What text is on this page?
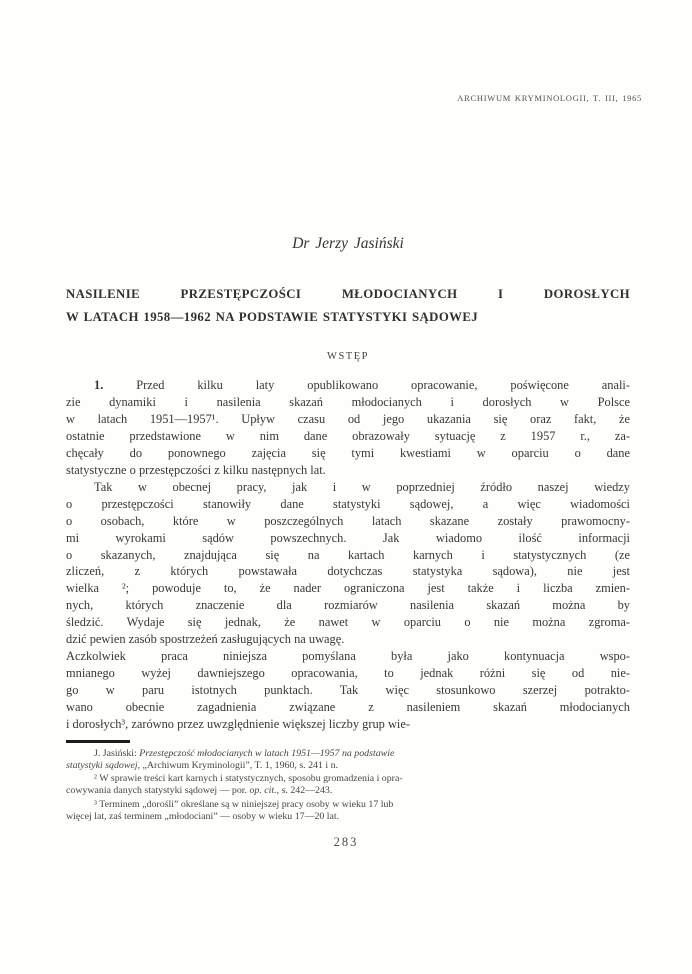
ARCHIWUM KRYMINOLOGII, T. III, 1965
Dr Jerzy Jasiński
NASILENIE PRZESTĘPCZOŚCI MŁODOCIANYCH I DOROSŁYCH
W LATACH 1958—1962 NA PODSTAWIE STATYSTYKI SĄDOWEJ
WSTĘP
1. Przed kilku laty opublikowano opracowanie, poświęcone anali-
zie dynamiki i nasilenia skazań młodocianych i dorosłych w Polsce
w latach 1951—1957¹. Upływ czasu od jego ukazania się oraz fakt, że
ostatnie przedstawione w nim dane obrazowały sytuację z 1957 r., za-
chęcały do ponownego zajęcia się tymi kwestiami w oparciu o dane
statystyczne o przestępczości z kilku następnych lat.
Tak w obecnej pracy, jak i w poprzedniej źródło naszej wiedzy
o przestępczości stanowiły dane statystyki sądowej, a więc wiadomości
o osobach, które w poszczególnych latach skazane zostały prawomocny-
mi wyrokami sądów powszechnych. Jak wiadomo ilość informacji
o skazanych, znajdująca się na kartach karnych i statystycznych (ze
zliczeń, z których powstawała dotychczas statystyka sądowa), nie jest
wielka ²; powoduje to, że nader ograniczona jest także i liczba zmien-
nych, których znaczenie dla rozmiarów nasilenia skazań można by
śledzić. Wydaje się jednak, że nawet w oparciu o nie można zgroma-
dzić pewien zasób spostrzeżeń zasługujących na uwagę.
Aczkolwiek praca niniejsza pomyślana była jako kontynuacja wspo-
mnianego wyżej dawniejszego opracowania, to jednak różni się od nie-
go w paru istotnych punktach. Tak więc stosunkowo szerzej potrakto-
wano obecnie zagadnienia związane z nasileniem skazań młodocianych
i dorosłych³, zarówno przez uwzględnienie większej liczby grup wie-
J. Jasiński: Przestępczość młodocianych w latach 1951—1957 na podstawie
statystyki sądowej, „Archiwum Kryminologii”, T. 1, 1960, s. 241 i n.
² W sprawie treści kart karnych i statystycznych, sposobu gromadzenia i opra-
cowywania danych statystyki sądowej — por. op. cit., s. 242—243.
³ Terminem „dorośli” określane są w niniejszej pracy osoby w wieku 17 lub
więcej lat, zaś terminem „młodociani” — osoby w wieku 17—20 lat.
283
